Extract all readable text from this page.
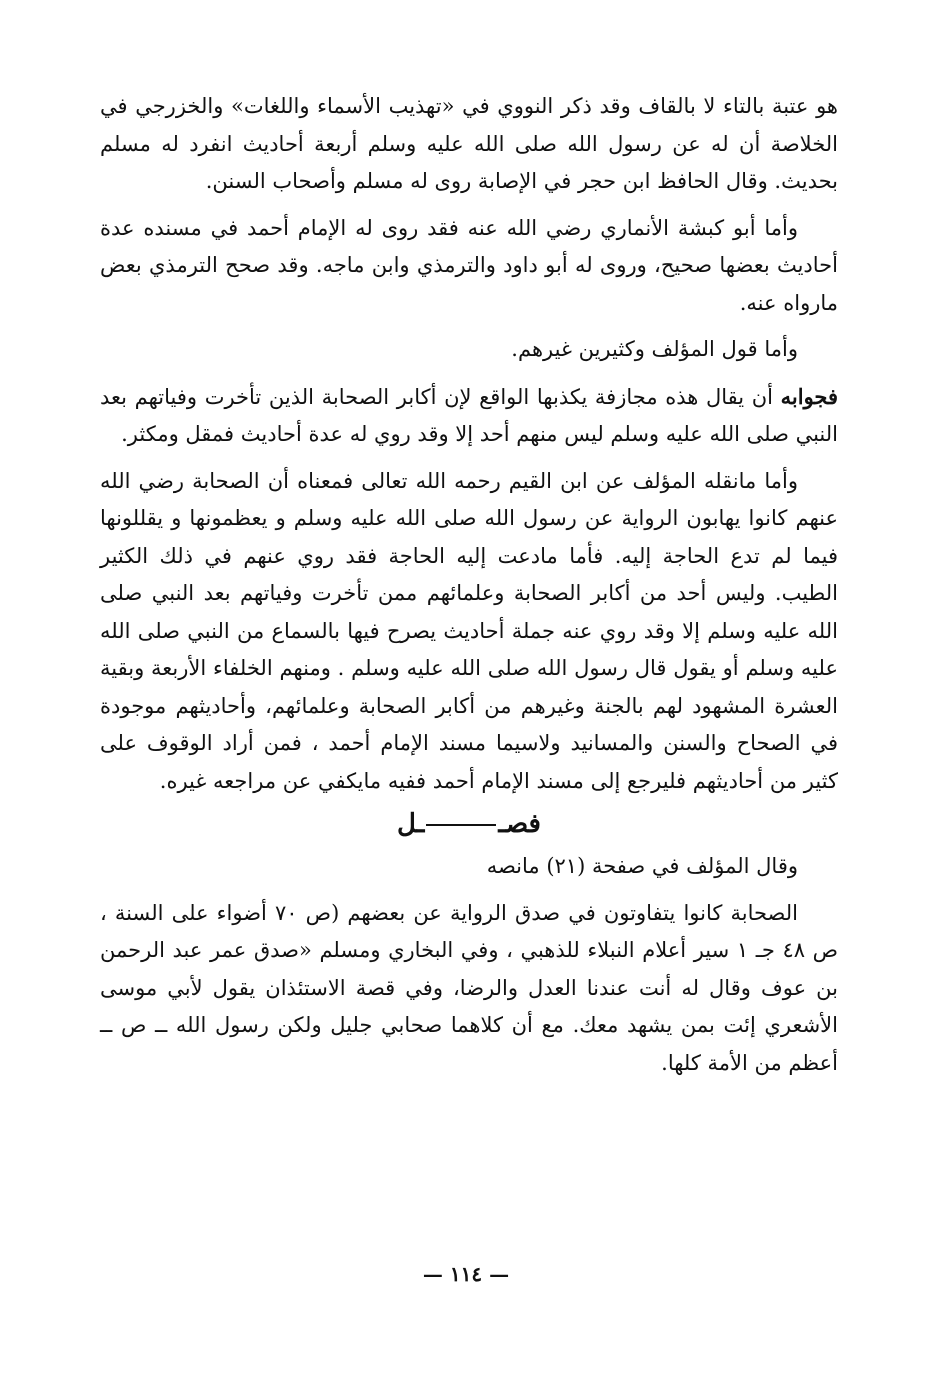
هو عتبة بالتاء لا بالقاف وقد ذكر النووي في «تهذيب الأسماء واللغات» والخزرجي في الخلاصة أن له عن رسول الله صلى الله عليه وسلم أربعة أحاديث انفرد له مسلم بحديث. وقال الحافظ ابن حجر في الإصابة روى له مسلم وأصحاب السنن.

وأما أبو كبشة الأنماري رضي الله عنه فقد روى له الإمام أحمد في مسنده عدة أحاديث بعضها صحيح، وروى له أبو داود والترمذي وابن ماجه. وقد صحح الترمذي بعض مارواه عنه.

وأما قول المؤلف وكثيرين غيرهم.

فجوابه أن يقال هذه مجازفة يكذبها الواقع لإن أكابر الصحابة الذين تأخرت وفياتهم بعد النبي صلى الله عليه وسلم ليس منهم أحد إلا وقد روي له عدة أحاديث فمقل ومكثر.

وأما مانقله المؤلف عن ابن القيم رحمه الله تعالى فمعناه أن الصحابة رضي الله عنهم كانوا يهابون الرواية عن رسول الله صلى الله عليه وسلم و يعظمونها و يقللونها فيما لم تدع الحاجة إليه. فأما مادعت إليه الحاجة فقد روي عنهم في ذلك الكثير الطيب. وليس أحد من أكابر الصحابة وعلمائهم ممن تأخرت وفياتهم بعد النبي صلى الله عليه وسلم إلا وقد روي عنه جملة أحاديث يصرح فيها بالسماع من النبي صلى الله عليه وسلم أو يقول قال رسول الله صلى الله عليه وسلم . ومنهم الخلفاء الأربعة وبقية العشرة المشهود لهم بالجنة وغيرهم من أكابر الصحابة وعلمائهم، وأحاديثهم موجودة في الصحاح والسنن والمسانيد ولاسيما مسند الإمام أحمد ، فمن أراد الوقوف على كثير من أحاديثهم فليرجع إلى مسند الإمام أحمد ففيه مايكفي عن مراجعه غيره.

فصــل

وقال المؤلف في صفحة (٢١) مانصه

الصحابة كانوا يتفاوتون في صدق الرواية عن بعضهم (ص ٧٠ أضواء على السنة ، ص ٤٨ جـ ١ سير أعلام النبلاء للذهبي ، وفي البخاري ومسلم «صدق عمر عبد الرحمن بن عوف وقال له أنت عندنا العدل والرضا، وفي قصة الاستئذان يقول لأبي موسى الأشعري إئت بمن يشهد معك. مع أن كلاهما صحابي جليل ولكن رسول الله ــ ص ــ أعظم من الأمة كلها.

— ١١٤ —
